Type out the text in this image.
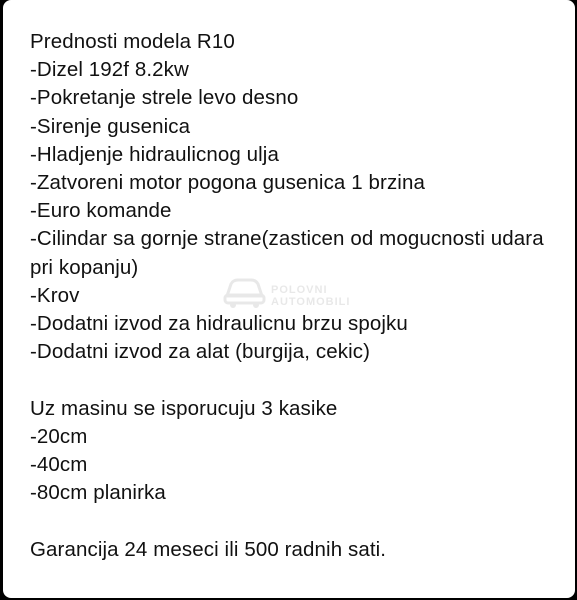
Prednosti modela R10
-Dizel 192f 8.2kw
-Pokretanje strele levo desno
-Sirenje gusenica
-Hladjenje hidraulicnog ulja
-Zatvoreni motor pogona gusenica 1 brzina
-Euro komande
-Cilindar sa gornje strane(zasticen od mogucnosti udara pri kopanju)
-Krov
-Dodatni izvod za hidraulicnu brzu spojku
-Dodatni izvod za alat (burgija, cekic)
Uz masinu se isporucuju 3 kasike
-20cm
-40cm
-80cm planirka
Garancija 24 meseci ili 500 radnih sati.
POLOVNI
AUTOMOBILI
